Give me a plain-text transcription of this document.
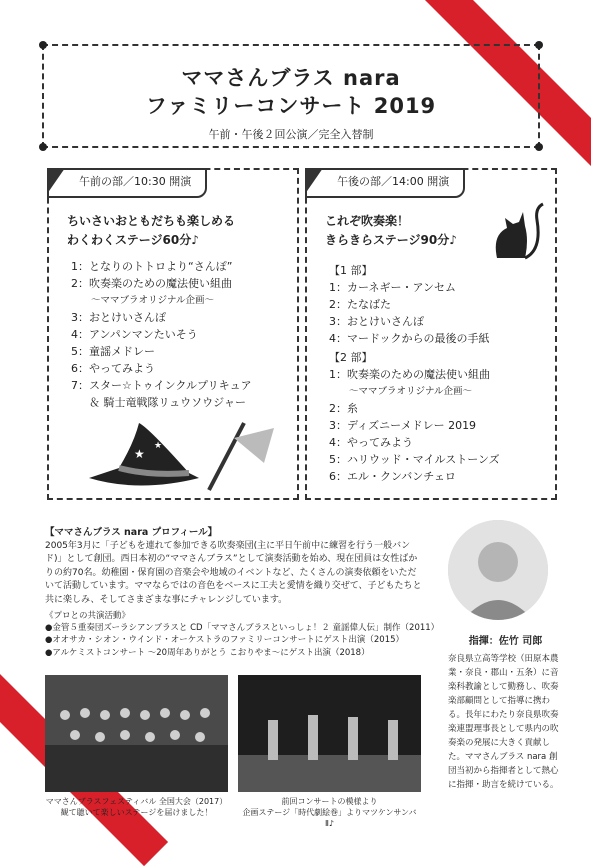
ママさんブラス nara
ファミリーコンサート 2019
午前・午後２回公演／完全入替制
午前の部／10:30 開演
ちいさいおともだちも楽しめる
わくわくステージ60分♪
1： となりのトトロより“さんぽ”
2： 吹奏楽のための魔法使い組曲
〜ママブラオリジナル企画〜
3： おとけいさんぽ
4： アンパンマンたいそう
5： 童謡メドレー
6： やってみよう
7： スター☆トゥインクルプリキュア
＆ 騎士竜戦隊リュウソウジャー
★
★
午後の部／14:00 開演
これぞ吹奏楽！
きらきらステージ90分♪
【1 部】
1： カーネギー・アンセム
2： たなばた
3： おとけいさんぽ
4： マードックからの最後の手紙
【2 部】
1： 吹奏楽のための魔法使い組曲
〜ママブラオリジナル企画〜
2： 糸
3： ディズニーメドレー 2019
4： やってみよう
5： ハリウッド・マイルストーンズ
6： エル・クンバンチェロ
【ママさんブラス nara プロフィール】
2005年3月に「子どもを連れて参加できる吹奏楽団(主に平日午前中に練習を行う一般バンド)」として創団。西日本初の“ママさんブラス”として演奏活動を始め、現在団員は女性ばかりの約70名。幼稚園・保育園の音楽会や地域のイベントなど、たくさんの演奏依頼をいただいて活動しています。ママならではの音色をベースに工夫と愛情を織り交ぜて、子どもたちと共に楽しみ、そしてさまざまな事にチャレンジしています。
《プロとの共演活動》
●金管５重奏団ズーラシアンブラスと CD「ママさんブラスといっしょ！２ 童謡偉人伝」制作（2011）
●オオサカ・シオン・ウインド・オーケストラのファミリーコンサートにゲスト出演（2015）
●アルケミストコンサート 〜20周年ありがとう こおりやま〜にゲスト出演（2018）
ママさんブラスフェスティバル 全国大会（2017）
観て聴いて楽しいステージを届けました！
前回コンサートの模様より
企画ステージ「時代劇絵巻」よりマツケンサンバⅡ♪
指揮：佐竹 司郎
奈良県立高等学校（田原本農業・奈良・郡山・五条）に音楽科教諭として勤務し、吹奏楽部顧問として指導に携わる。長年にわたり奈良県吹奏楽連盟理事長として県内の吹奏楽の発展に大きく貢献した。ママさんブラス nara 創団当初から指揮者として熱心に指揮・助言を続けている。
